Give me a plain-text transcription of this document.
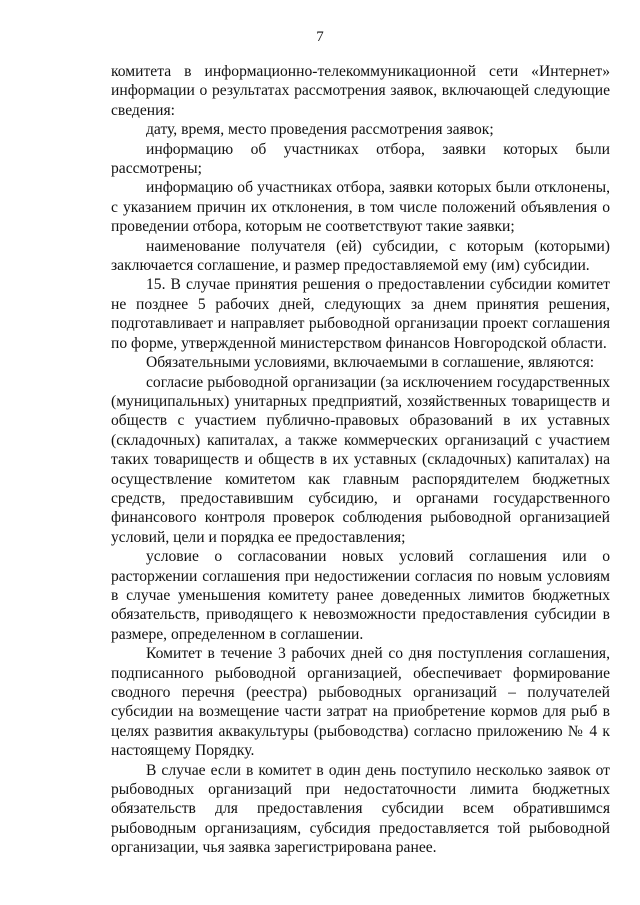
7

комитета в информационно-телекоммуникационной сети «Интернет» информации о результатах рассмотрения заявок, включающей следующие сведения:

дату, время, место проведения рассмотрения заявок;

информацию об участниках отбора, заявки которых были рассмотрены;

информацию об участниках отбора, заявки которых были отклонены, с указанием причин их отклонения, в том числе положений объявления о проведении отбора, которым не соответствуют такие заявки;

наименование получателя (ей) субсидии, с которым (которыми) заключается соглашение, и размер предоставляемой ему (им) субсидии.

15. В случае принятия решения о предоставлении субсидии комитет не позднее 5 рабочих дней, следующих за днем принятия решения, подготавливает и направляет рыбоводной организации проект соглашения по форме, утвержденной министерством финансов Новгородской области.

Обязательными условиями, включаемыми в соглашение, являются:

согласие рыбоводной организации (за исключением государственных (муниципальных) унитарных предприятий, хозяйственных товариществ и обществ с участием публично-правовых образований в их уставных (складочных) капиталах, а также коммерческих организаций с участием таких товариществ и обществ в их уставных (складочных) капиталах) на осуществление комитетом как главным распорядителем бюджетных средств, предоставившим субсидию, и органами государственного финансового контроля проверок соблюдения рыбоводной организацией условий, цели и порядка ее предоставления;

условие о согласовании новых условий соглашения или о расторжении соглашения при недостижении согласия по новым условиям в случае уменьшения комитету ранее доведенных лимитов бюджетных обязательств, приводящего к невозможности предоставления субсидии в размере, определенном в соглашении.

Комитет в течение 3 рабочих дней со дня поступления соглашения, подписанного рыбоводной организацией, обеспечивает формирование сводного перечня (реестра) рыбоводных организаций – получателей субсидии на возмещение части затрат на приобретение кормов для рыб в целях развития аквакультуры (рыбоводства) согласно приложению № 4 к настоящему Порядку.

В случае если в комитет в один день поступило несколько заявок от рыбоводных организаций при недостаточности лимита бюджетных обязательств для предоставления субсидии всем обратившимся рыбоводным организациям, субсидия предоставляется той рыбоводной организации, чья заявка зарегистрирована ранее.
